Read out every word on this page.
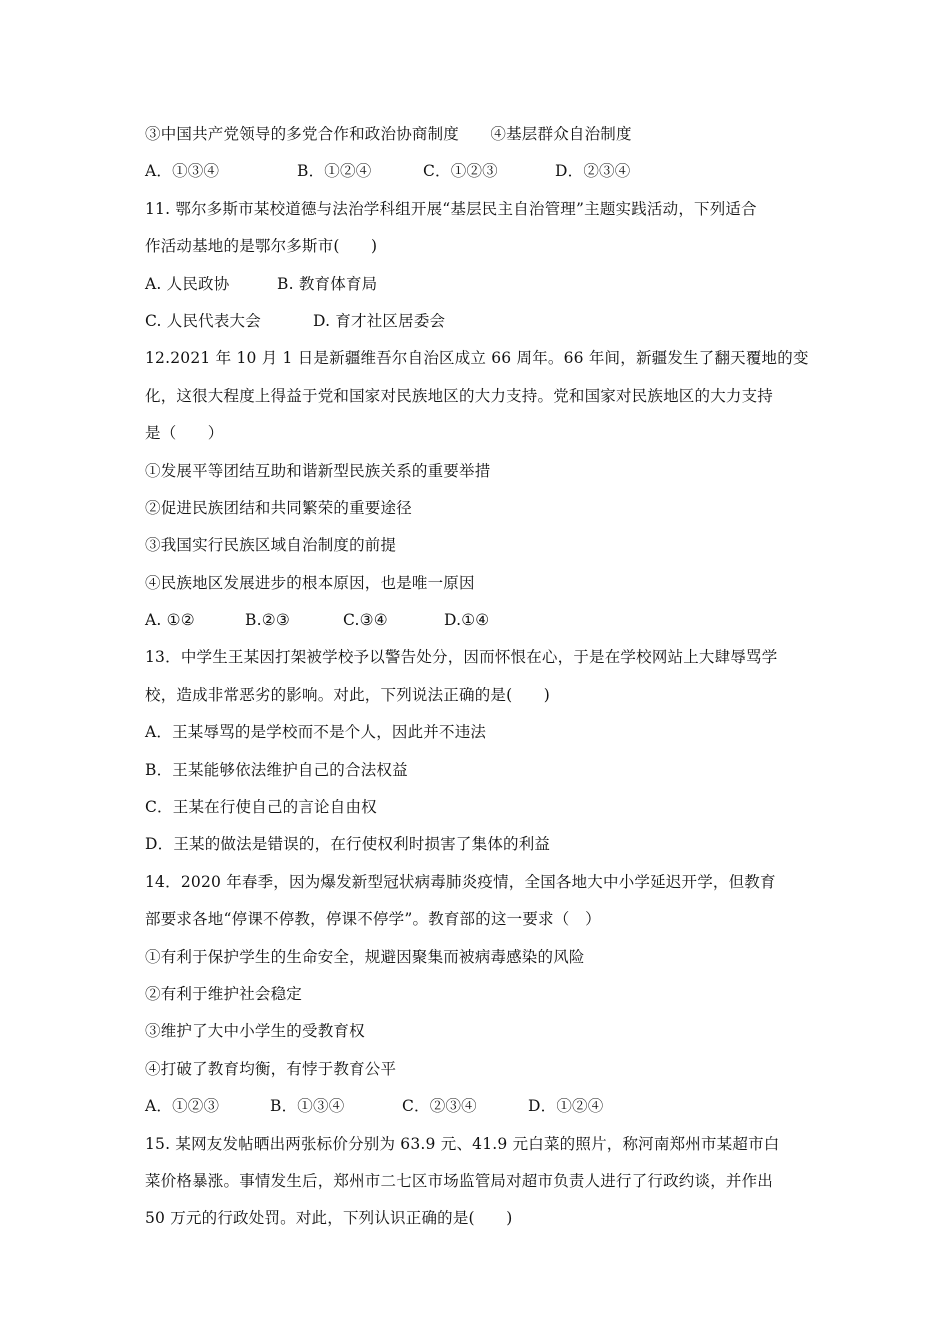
③中国共产党领导的多党合作和政治协商制度　　④基层群众自治制度
A．①③④	B．①②④	C．①②③	D．②③④
11. 鄂尔多斯市某校道德与法治学科组开展“基层民主自治管理”主题实践活动，下列适合
作活动基地的是鄂尔多斯市(　　)
A. 人民政协	B. 教育体育局
C. 人民代表大会	D. 育才社区居委会
12.2021 年 10 月 1 日是新疆维吾尔自治区成立 66 周年。66 年间，新疆发生了翻天覆地的变
化，这很大程度上得益于党和国家对民族地区的大力支持。党和国家对民族地区的大力支持
是（　　）
①发展平等团结互助和谐新型民族关系的重要举措
②促进民族团结和共同繁荣的重要途径
③我国实行民族区域自治制度的前提
④民族地区发展进步的根本原因，也是唯一原因
A. ①②	B.②③	C.③④	D.①④
13．中学生王某因打架被学校予以警告处分，因而怀恨在心，于是在学校网站上大肆辱骂学
校，造成非常恶劣的影响。对此，下列说法正确的是(　　)
A．王某辱骂的是学校而不是个人，因此并不违法
B．王某能够依法维护自己的合法权益
C．王某在行使自己的言论自由权
D．王某的做法是错误的，在行使权利时损害了集体的利益
14．2020 年春季，因为爆发新型冠状病毒肺炎疫情，全国各地大中小学延迟开学，但教育
部要求各地“停课不停教，停课不停学”。教育部的这一要求（　）
①有利于保护学生的生命安全，规避因聚集而被病毒感染的风险
②有利于维护社会稳定
③维护了大中小学生的受教育权
④打破了教育均衡，有悖于教育公平
A．①②③	B．①③④	C．②③④	D．①②④
15. 某网友发帖晒出两张标价分别为 63.9 元、41.9 元白菜的照片，称河南郑州市某超市白
菜价格暴涨。事情发生后，郑州市二七区市场监管局对超市负责人进行了行政约谈，并作出
50 万元的行政处罚。对此，下列认识正确的是(　　)
